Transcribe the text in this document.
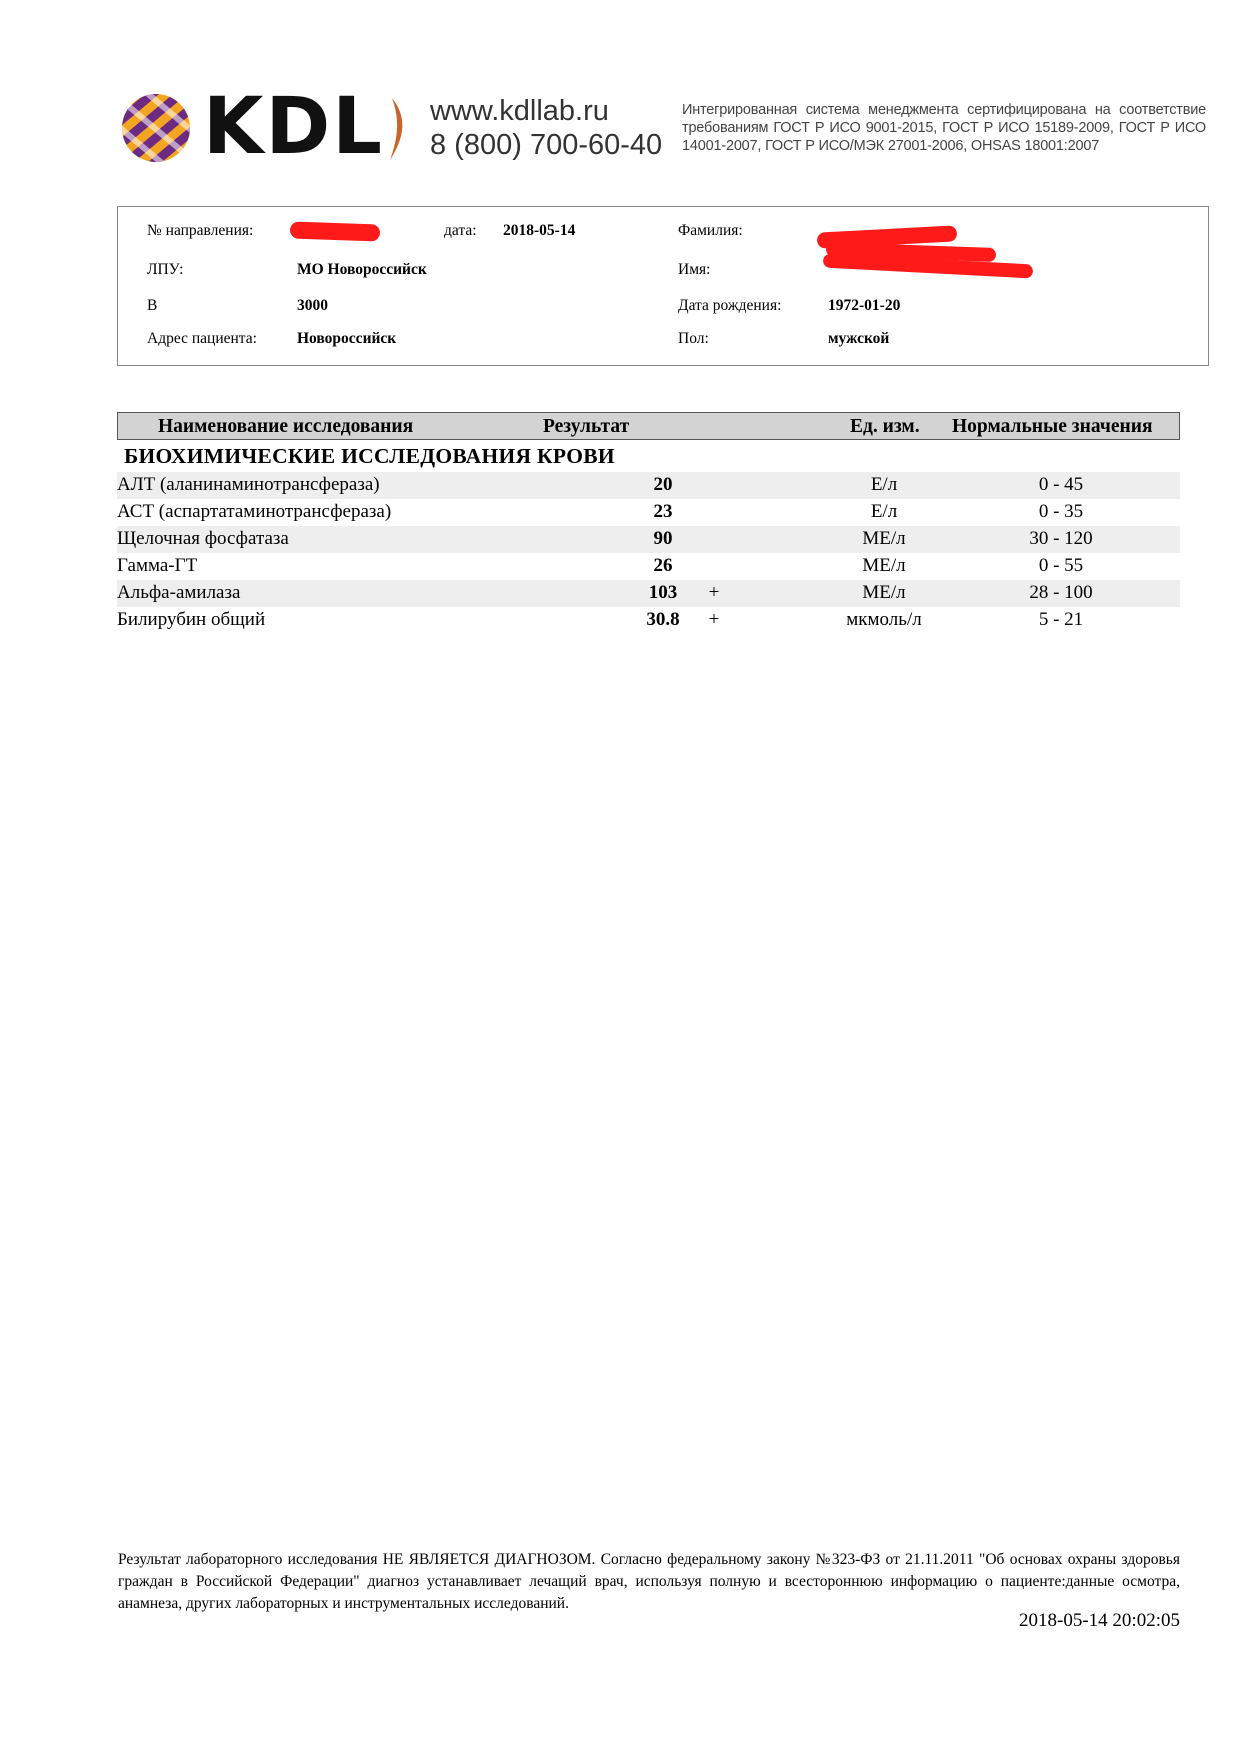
KDL www.kdllab.ru
8 (800) 700-60-40
Интегрированная система менеджмента сертифицирована на соответствие требованиям ГОСТ Р ИСО 9001-2015, ГОСТ Р ИСО 15189-2009, ГОСТ Р ИСО 14001-2007, ГОСТ Р ИСО/МЭК 27001-2006, OHSAS 18001:2007
№ направления:	дата: 2018-05-14
ЛПУ:	МО Новороссийск
В	3000
Адрес пациента:	Новороссийск
Фамилия:
Имя:
Дата рождения:	1972-01-20
Пол:	мужской
Наименование исследования	Результат	Ед. изм. Нормальные значения
БИОХИМИЧЕСКИЕ ИССЛЕДОВАНИЯ КРОВИ
АЛТ (аланинаминотрансфераза)	20	Е/л	0 - 45
АСТ (аспартатаминотрансфераза)	23	Е/л	0 - 35
Щелочная фосфатаза	90	МЕ/л	30 - 120
Гамма-ГТ	26	МЕ/л	0 - 55
Альфа-амилаза	103	+	МЕ/л	28 - 100
Билирубин общий	30.8	+	мкмоль/л	5 - 21
Результат лабораторного исследования НЕ ЯВЛЯЕТСЯ ДИАГНОЗОМ. Согласно федеральному закону №323-ФЗ от 21.11.2011 "Об основах охраны здоровья граждан в Российской Федерации" диагноз устанавливает лечащий врач, используя полную и всестороннюю информацию о пациенте:данные осмотра, анамнеза, других лабораторных и инструментальных исследований.
2018-05-14 20:02:05
